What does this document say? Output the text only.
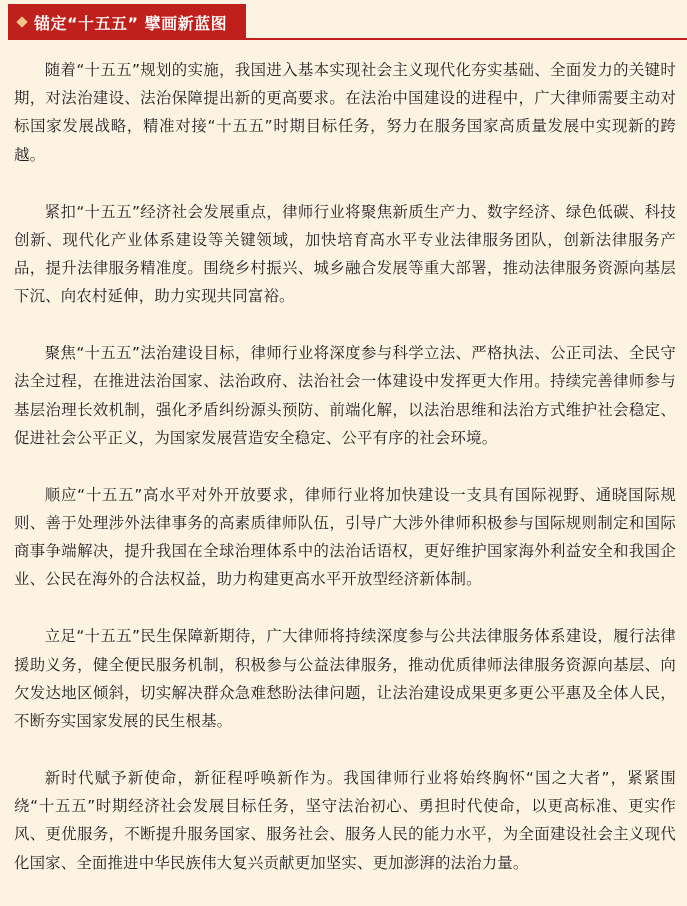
锚定“十五五” 擘画新蓝图

随着“十五五”规划的实施，我国进入基本实现社会主义现代化夯实基础、全面发力的关键时期，对法治建设、法治保障提出新的更高要求。在法治中国建设的进程中，广大律师需要主动对标国家发展战略，精准对接“十五五”时期目标任务，努力在服务国家高质量发展中实现新的跨越。

紧扣“十五五”经济社会发展重点，律师行业将聚焦新质生产力、数字经济、绿色低碳、科技创新、现代化产业体系建设等关键领域，加快培育高水平专业法律服务团队，创新法律服务产品，提升法律服务精准度。围绕乡村振兴、城乡融合发展等重大部署，推动法律服务资源向基层下沉、向农村延伸，助力实现共同富裕。

聚焦“十五五”法治建设目标，律师行业将深度参与科学立法、严格执法、公正司法、全民守法全过程，在推进法治国家、法治政府、法治社会一体建设中发挥更大作用。持续完善律师参与基层治理长效机制，强化矛盾纠纷源头预防、前端化解，以法治思维和法治方式维护社会稳定、促进社会公平正义，为国家发展营造安全稳定、公平有序的社会环境。

顺应“十五五”高水平对外开放要求，律师行业将加快建设一支具有国际视野、通晓国际规则、善于处理涉外法律事务的高素质律师队伍，引导广大涉外律师积极参与国际规则制定和国际商事争端解决，提升我国在全球治理体系中的法治话语权，更好维护国家海外利益安全和我国企业、公民在海外的合法权益，助力构建更高水平开放型经济新体制。

立足“十五五”民生保障新期待，广大律师将持续深度参与公共法律服务体系建设，履行法律援助义务，健全便民服务机制，积极参与公益法律服务，推动优质律师法律服务资源向基层、向欠发达地区倾斜，切实解决群众急难愁盼法律问题，让法治建设成果更多更公平惠及全体人民，不断夯实国家发展的民生根基。

新时代赋予新使命，新征程呼唤新作为。我国律师行业将始终胸怀“国之大者”，紧紧围绕“十五五”时期经济社会发展目标任务，坚守法治初心、勇担时代使命，以更高标准、更实作风、更优服务，不断提升服务国家、服务社会、服务人民的能力水平，为全面建设社会主义现代化国家、全面推进中华民族伟大复兴贡献更加坚实、更加澎湃的法治力量。
